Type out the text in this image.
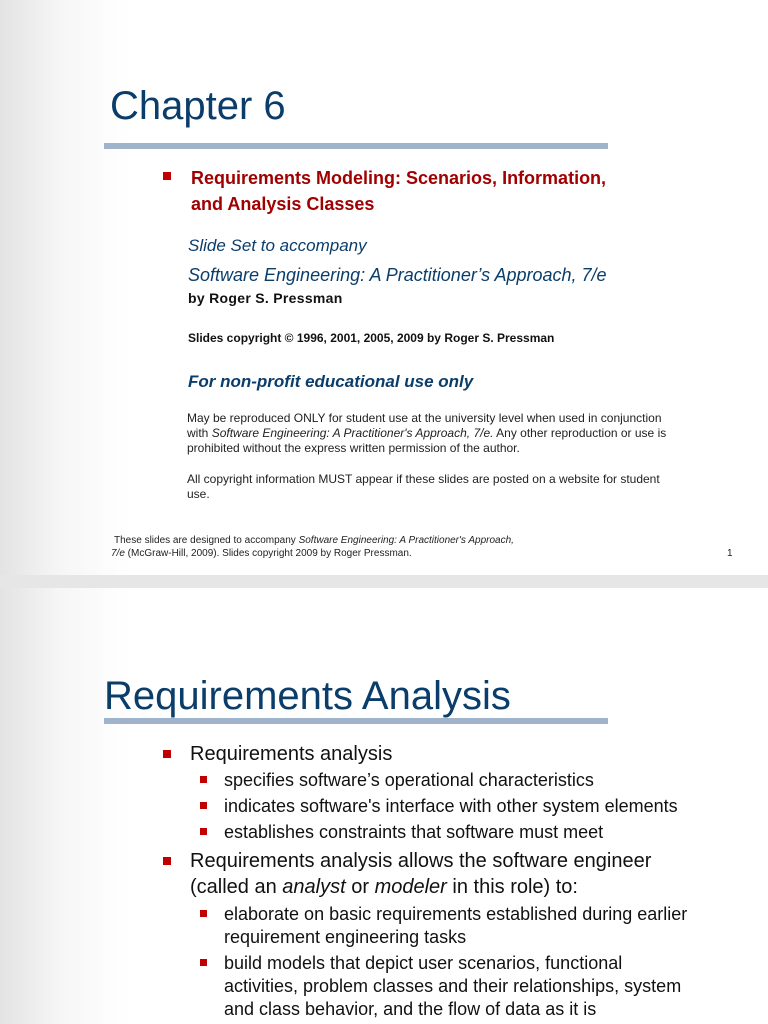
Chapter 6
Requirements Modeling: Scenarios, Information,
and Analysis Classes
Slide Set to accompany
Software Engineering: A Practitioner’s Approach, 7/e
by Roger S. Pressman
Slides copyright © 1996, 2001, 2005, 2009 by Roger S. Pressman
For non-profit educational use only
May be reproduced ONLY for student use at the university level when used in conjunction
with Software Engineering: A Practitioner's Approach, 7/e. Any other reproduction or use is
prohibited without the express written permission of the author.
All copyright information MUST appear if these slides are posted on a website for student
use.
These slides are designed to accompany Software Engineering: A Practitioner's Approach,
7/e (McGraw-Hill, 2009). Slides copyright 2009 by Roger Pressman.	1
Requirements Analysis
Requirements analysis
specifies software’s operational characteristics
indicates software's interface with other system elements
establishes constraints that software must meet
Requirements analysis allows the software engineer
(called an analyst or modeler in this role) to:
elaborate on basic requirements established during earlier
requirement engineering tasks
build models that depict user scenarios, functional
activities, problem classes and their relationships, system
and class behavior, and the flow of data as it is
